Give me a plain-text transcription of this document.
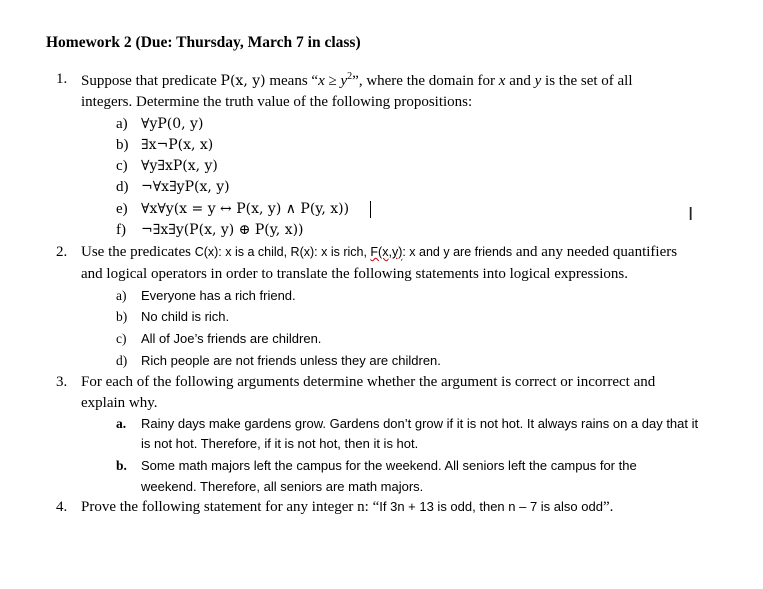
Homework 2 (Due: Thursday, March 7 in class)
1. Suppose that predicate P(x, y) means “$x \ge y^2$”, where the domain for x and y is the set of all
integers. Determine the truth value of the following propositions:
a) ∀yP(0, y)
b) ∃x¬P(x, x)
c) ∀y∃xP(x, y)
d) ¬∀x∃yP(x, y)
e) ∀x∀y(x = y ↔ P(x, y) ∧ P(y, x))
f) ¬∃x∃y(P(x, y) ⊕ P(y, x))
I
2. Use the predicates C(x): x is a child, R(x): x is rich, F(x,y): x and y are friends and any needed quantifiers
and logical operators in order to translate the following statements into logical expressions.
a) Everyone has a rich friend.
b) No child is rich.
c) All of Joe’s friends are children.
d) Rich people are not friends unless they are children.
3. For each of the following arguments determine whether the argument is correct or incorrect and
explain why.
a. Rainy days make gardens grow. Gardens don’t grow if it is not hot. It always rains on a day that it
is not hot. Therefore, if it is not hot, then it is hot.
b. Some math majors left the campus for the weekend. All seniors left the campus for the
weekend. Therefore, all seniors are math majors.
4. Prove the following statement for any integer n: “If 3n + 13 is odd, then n – 7 is also odd”.
